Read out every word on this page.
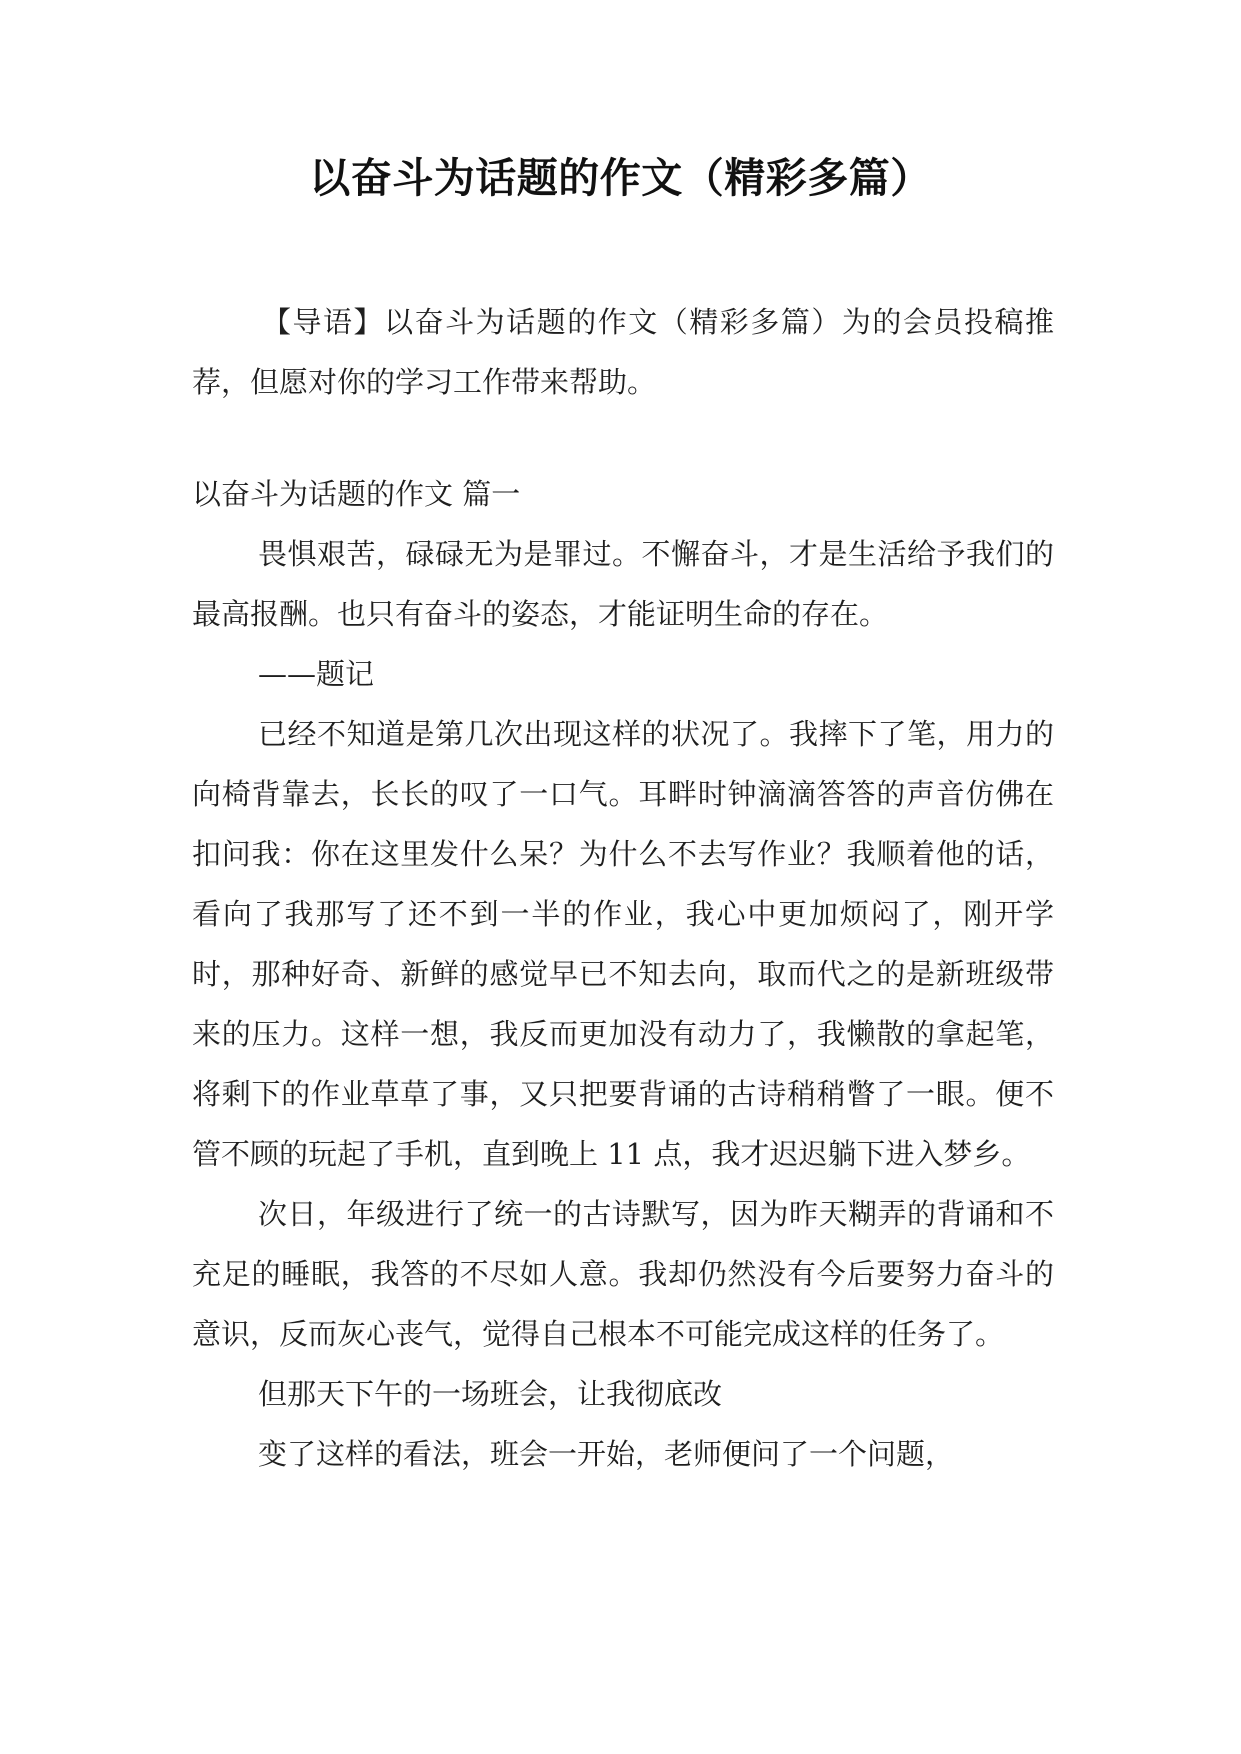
以奋斗为话题的作文（精彩多篇）

【导语】以奋斗为话题的作文（精彩多篇）为的会员投稿推荐，但愿对你的学习工作带来帮助。

以奋斗为话题的作文 篇一

畏惧艰苦，碌碌无为是罪过。不懈奋斗，才是生活给予我们的最高报酬。也只有奋斗的姿态，才能证明生命的存在。

——题记

已经不知道是第几次出现这样的状况了。我摔下了笔，用力的向椅背靠去，长长的叹了一口气。耳畔时钟滴滴答答的声音仿佛在扣问我：你在这里发什么呆？为什么不去写作业？我顺着他的话，看向了我那写了还不到一半的作业，我心中更加烦闷了，刚开学时，那种好奇、新鲜的感觉早已不知去向，取而代之的是新班级带来的压力。这样一想，我反而更加没有动力了，我懒散的拿起笔，将剩下的作业草草了事，又只把要背诵的古诗稍稍瞥了一眼。便不管不顾的玩起了手机，直到晚上 11 点，我才迟迟躺下进入梦乡。

次日，年级进行了统一的古诗默写，因为昨天糊弄的背诵和不充足的睡眠，我答的不尽如人意。我却仍然没有今后要努力奋斗的意识，反而灰心丧气，觉得自己根本不可能完成这样的任务了。

但那天下午的一场班会，让我彻底改

变了这样的看法，班会一开始，老师便问了一个问题，
